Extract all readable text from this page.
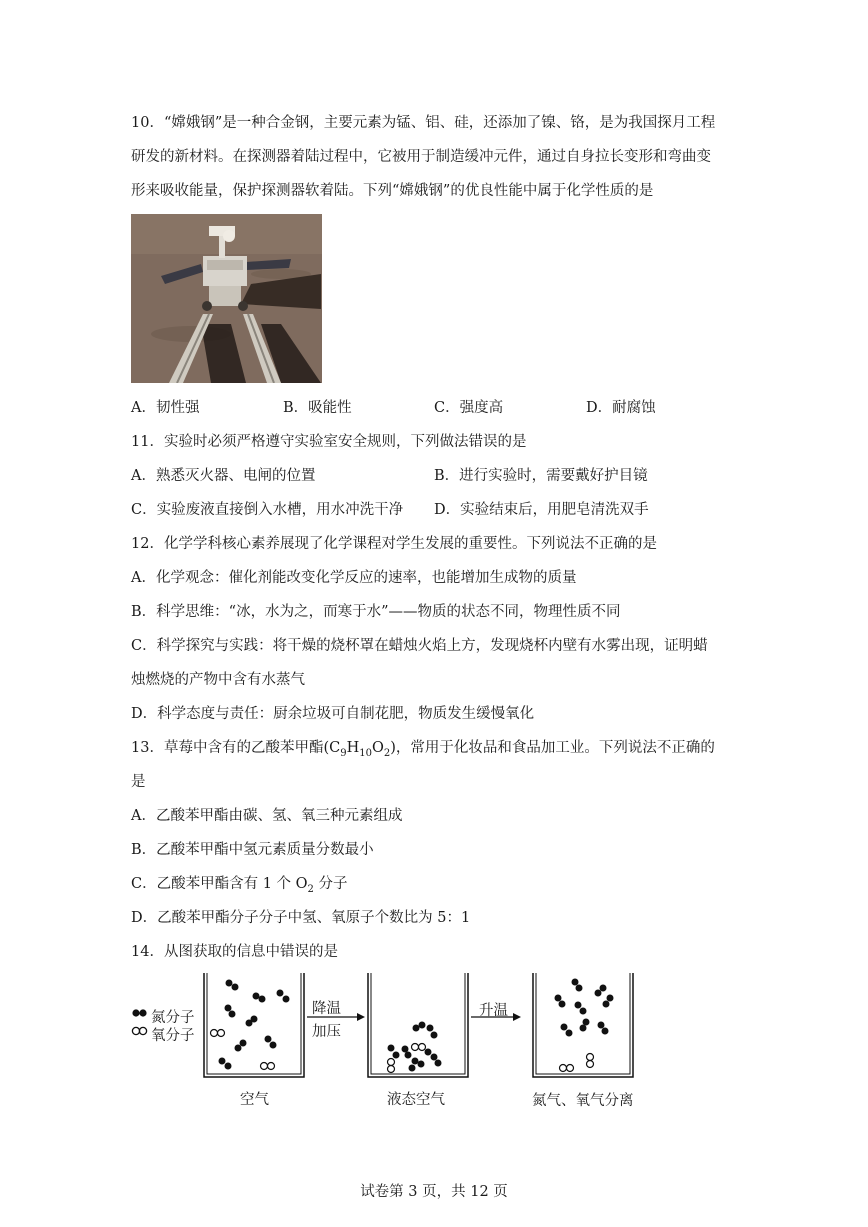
10．“嫦娥钢”是一种合金钢，主要元素为锰、铝、硅，还添加了镍、铬，是为我国探月工程
研发的新材料。在探测器着陆过程中，它被用于制造缓冲元件，通过自身拉长变形和弯曲变
形来吸收能量，保护探测器软着陆。下列“嫦娥钢”的优良性能中属于化学性质的是
A．韧性强	B．吸能性	C．强度高	D．耐腐蚀
11．实验时必须严格遵守实验室安全规则，下列做法错误的是
A．熟悉灭火器、电闸的位置	B．进行实验时，需要戴好护目镜
C．实验废液直接倒入水槽，用水冲洗干净 D．实验结束后，用肥皂清洗双手
12．化学学科核心素养展现了化学课程对学生发展的重要性。下列说法不正确的是
A．化学观念：催化剂能改变化学反应的速率，也能增加生成物的质量
B．科学思维：“冰，水为之，而寒于水”——物质的状态不同，物理性质不同
C．科学探究与实践：将干燥的烧杯罩在蜡烛火焰上方，发现烧杯内壁有水雾出现，证明蜡
烛燃烧的产物中含有水蒸气
D．科学态度与责任：厨余垃圾可自制花肥，物质发生缓慢氧化
13．草莓中含有的乙酸苯甲酯$(C_9H_{10}O_2)$，常用于化妆品和食品加工业。下列说法不正确的
是
A．乙酸苯甲酯由碳、氢、氧三种元素组成
B．乙酸苯甲酯中氢元素质量分数最小
C．乙酸苯甲酯含有 1 个 $O_2$ 分子
D．乙酸苯甲酯分子分子中氢、氧原子个数比为 5：1
14．从图获取的信息中错误的是
氮分子
氧分子
降温
加压
升温
空气	液态空气	氮气、氧气分离
试卷第 3 页，共 12 页
